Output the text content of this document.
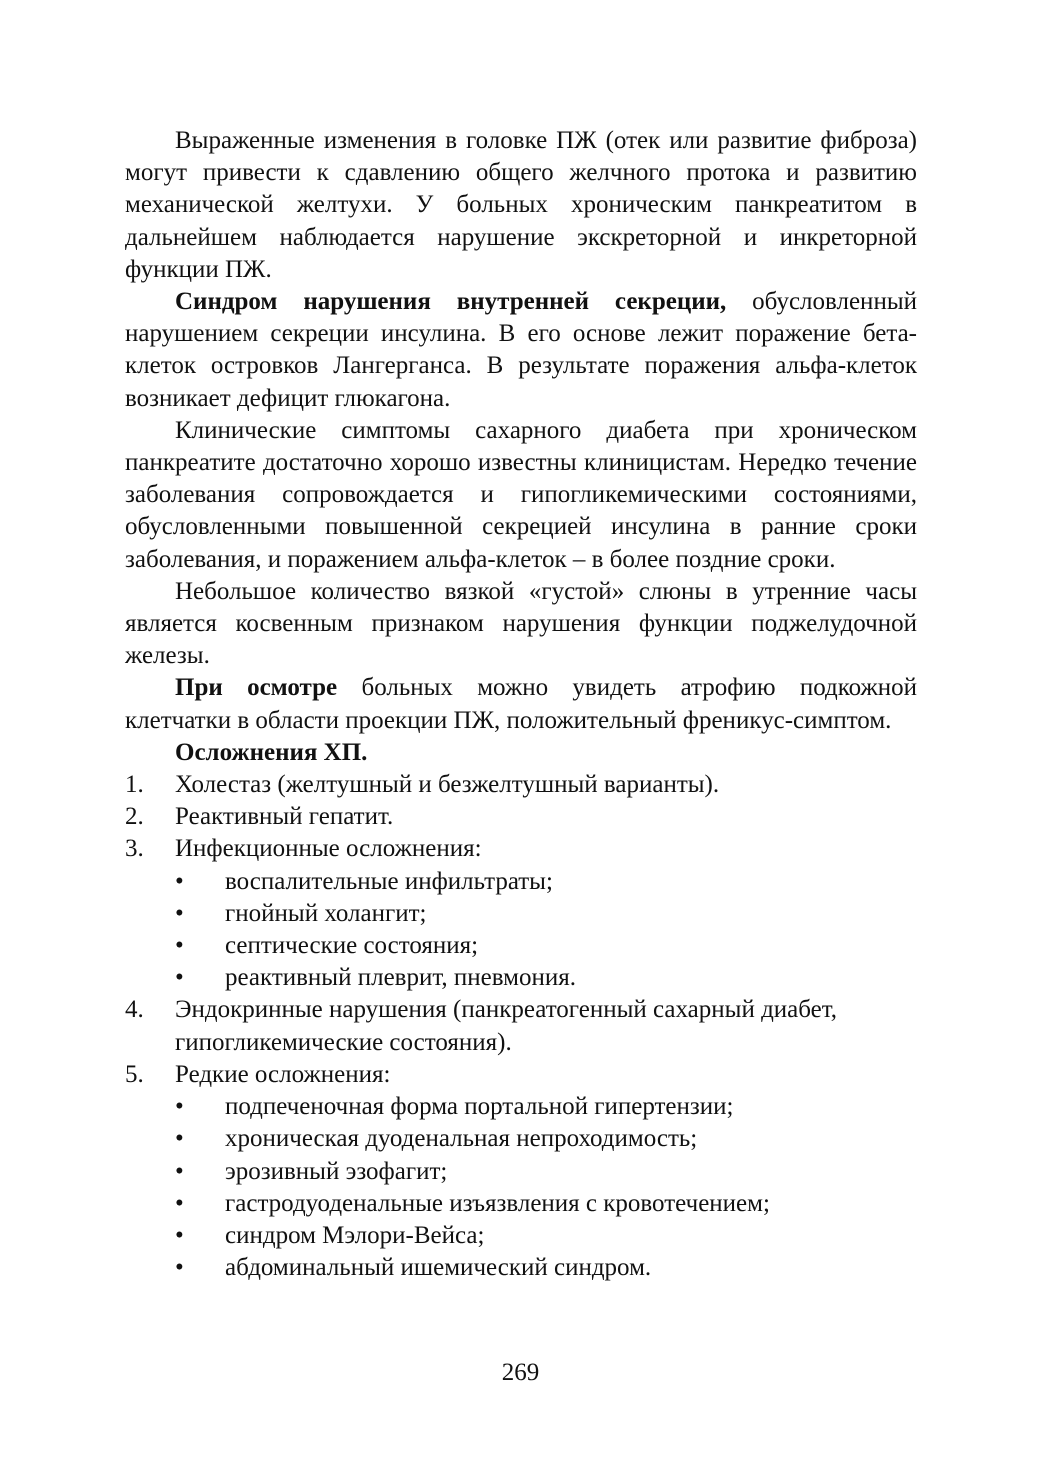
Выраженные изменения в головке ПЖ (отек или развитие фиброза) могут привести к сдавлению общего желчного протока и развитию механической желтухи. У больных хроническим панкреатитом в дальнейшем наблюдается нарушение экскреторной и инкреторной функции ПЖ.

Синдром нарушения внутренней секреции, обусловленный нарушением секреции инсулина. В его основе лежит поражение бета-клеток островков Лангерганса. В результате поражения альфа-клеток возникает дефицит глюкагона.

Клинические симптомы сахарного диабета при хроническом панкреатите достаточно хорошо известны клиницистам. Нередко течение заболевания сопровождается и гипогликемическими состояниями, обусловленными повышенной секрецией инсулина в ранние сроки заболевания, и поражением альфа-клеток – в более поздние сроки.

Небольшое количество вязкой «густой» слюны в утренние часы является косвенным признаком нарушения функции поджелудочной железы.

При осмотре больных можно увидеть атрофию подкожной клетчатки в области проекции ПЖ, положительный френикус-симптом.

Осложнения ХП.

1. Холестаз (желтушный и безжелтушный варианты).
2. Реактивный гепатит.
3. Инфекционные осложнения:
• воспалительные инфильтраты;
• гнойный холангит;
• септические состояния;
• реактивный плеврит, пневмония.
4. Эндокринные нарушения (панкреатогенный сахарный диабет, гипогликемические состояния).
5. Редкие осложнения:
• подпеченочная форма портальной гипертензии;
• хроническая дуоденальная непроходимость;
• эрозивный эзофагит;
• гастродуоденальные изъязвления с кровотечением;
• синдром Мэлори-Вейса;
• абдоминальный ишемический синдром.
269
